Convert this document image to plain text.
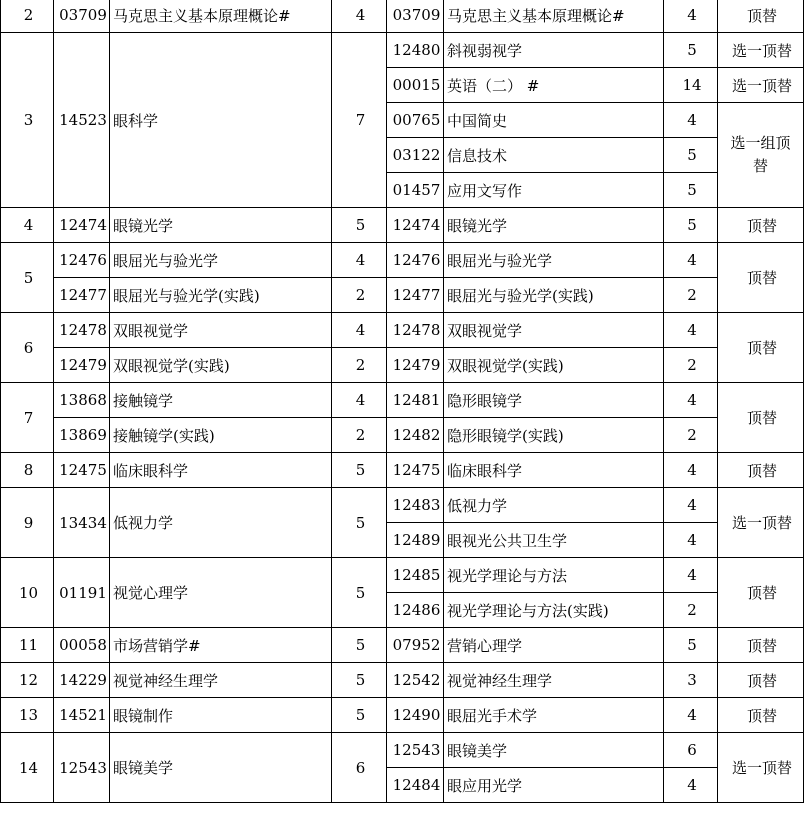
2	03709	马克思主义基本原理概论#	4	03709	马克思主义基本原理概论#	4	顶替
3	14523	眼科学	7	12480	斜视弱视学	5	选一顶替
				00015	英语（二） #	14	选一顶替
				00765	中国简史	4	选一组顶替
				03122	信息技术	5	
				01457	应用文写作	5	
4	12474	眼镜光学	5	12474	眼镜光学	5	顶替
5	12476	眼屈光与验光学	4	12476	眼屈光与验光学	4	顶替
	12477	眼屈光与验光学(实践)	2	12477	眼屈光与验光学(实践)	2	
6	12478	双眼视觉学	4	12478	双眼视觉学	4	顶替
	12479	双眼视觉学(实践)	2	12479	双眼视觉学(实践)	2	
7	13868	接触镜学	4	12481	隐形眼镜学	4	顶替
	13869	接触镜学(实践)	2	12482	隐形眼镜学(实践)	2	
8	12475	临床眼科学	5	12475	临床眼科学	4	顶替
9	13434	低视力学	5	12483	低视力学	4	选一顶替
				12489	眼视光公共卫生学	4	
10	01191	视觉心理学	5	12485	视光学理论与方法	4	顶替
				12486	视光学理论与方法(实践)	2	
11	00058	市场营销学#	5	07952	营销心理学	5	顶替
12	14229	视觉神经生理学	5	12542	视觉神经生理学	3	顶替
13	14521	眼镜制作	5	12490	眼屈光手术学	4	顶替
14	12543	眼镜美学	6	12543	眼镜美学	6	选一顶替
				12484	眼应用光学	4	
